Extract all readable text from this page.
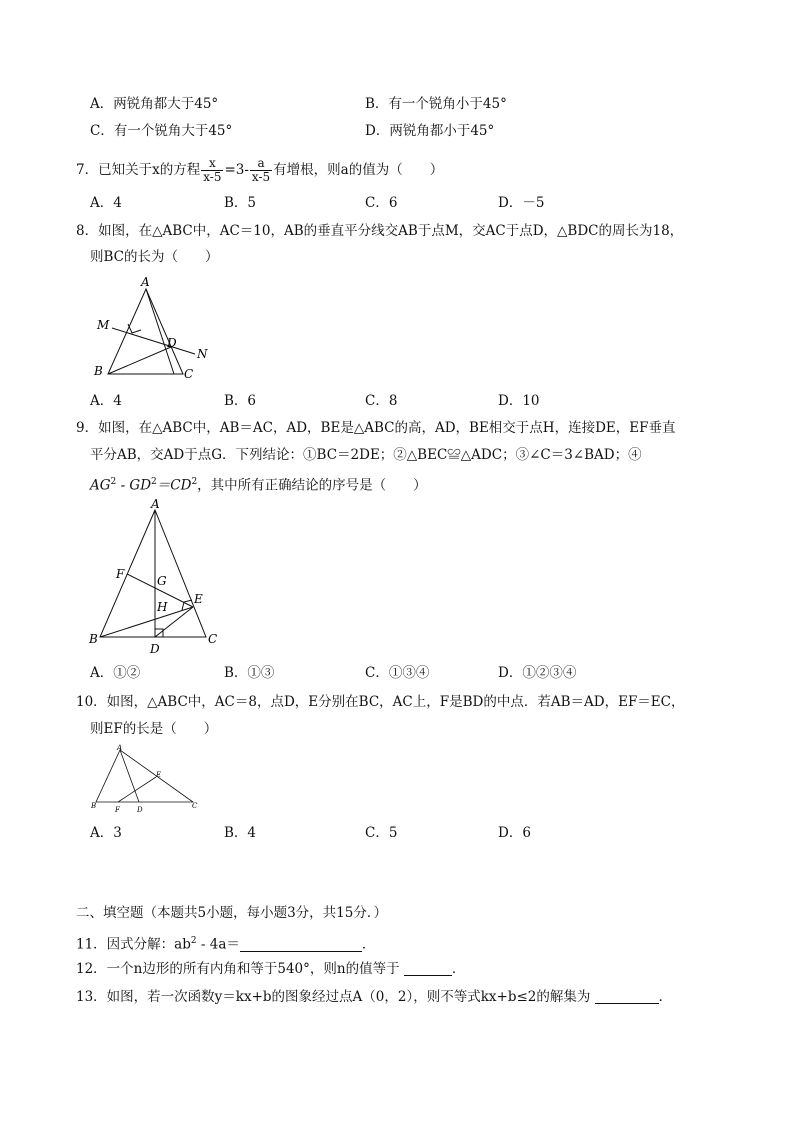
A．两锐角都大于45°	B．有一个锐角小于45°
C．有一个锐角大于45°	D．两锐角都小于45°
7．已知关于x的方程 $\frac{x}{x-5} =3- \frac{a}{x-5}$ 有增根，则a的值为（　　）
A．4	B．5	C．6	D．－5
8．如图，在△ABC中，AC＝10，AB的垂直平分线交AB于点M，交AC于点D，△BDC的周长为18，
则BC的长为（　　）
A
M
D
N
B	C
A．4	B．6	C．8	D．10
9．如图，在△ABC中，AB＝AC，AD，BE是△ABC的高，AD，BE相交于点H，连接DE，EF垂直
平分AB，交AD于点G．下列结论：①BC＝2DE；②△BEC≌△ADC；③∠C＝3∠BAD；④
$AG^2 - GD^2=CD^2$，其中所有正确结论的序号是（　　）
A
F	G
H
E
B
D
C
A．①②	B．①③	C．①③④	D．①②③④
10．如图，△ABC中，AC＝8，点D，E分别在BC，AC上，F是BD的中点．若AB＝AD，EF＝EC，
则EF的长是（　　）
A
E
B	F D	C
A．3	B．4	C．5	D．6
二、填空题（本题共5小题，每小题3分，共15分．）
11．因式分解：$ab^2 - 4a=$	．
12．一个n边形的所有内角和等于540°，则n的值等于	．
13．如图，若一次函数y＝kx+b的图象经过点A（0，2），则不等式kx+b≤2的解集为	．
